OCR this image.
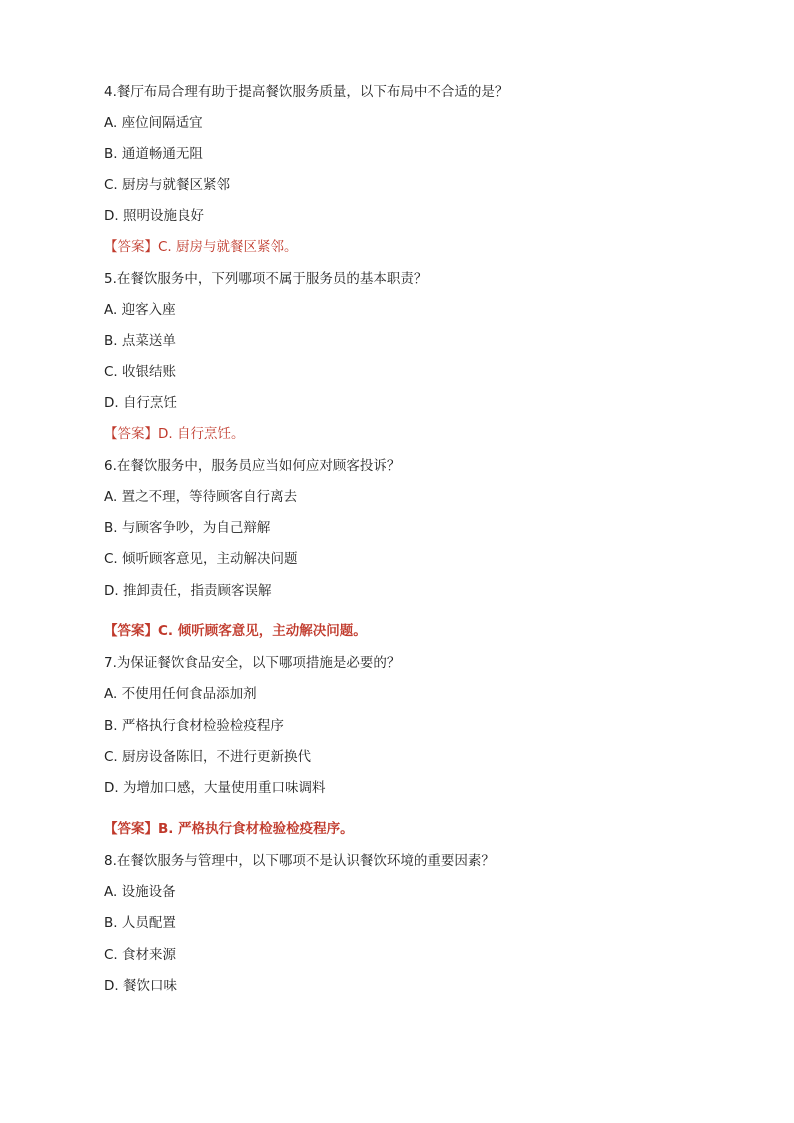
4.餐厅布局合理有助于提高餐饮服务质量，以下布局中不合适的是？
A. 座位间隔适宜
B. 通道畅通无阻
C. 厨房与就餐区紧邻
D. 照明设施良好
【答案】C. 厨房与就餐区紧邻。
5.在餐饮服务中，下列哪项不属于服务员的基本职责？
A. 迎客入座
B. 点菜送单
C. 收银结账
D. 自行烹饪
【答案】D. 自行烹饪。
6.在餐饮服务中，服务员应当如何应对顾客投诉？
A. 置之不理，等待顾客自行离去
B. 与顾客争吵，为自己辩解
C. 倾听顾客意见，主动解决问题
D. 推卸责任，指责顾客误解
【答案】C. 倾听顾客意见，主动解决问题。
7.为保证餐饮食品安全，以下哪项措施是必要的？
A. 不使用任何食品添加剂
B. 严格执行食材检验检疫程序
C. 厨房设备陈旧，不进行更新换代
D. 为增加口感，大量使用重口味调料
【答案】B. 严格执行食材检验检疫程序。
8.在餐饮服务与管理中，以下哪项不是认识餐饮环境的重要因素？
A. 设施设备
B. 人员配置
C. 食材来源
D. 餐饮口味
